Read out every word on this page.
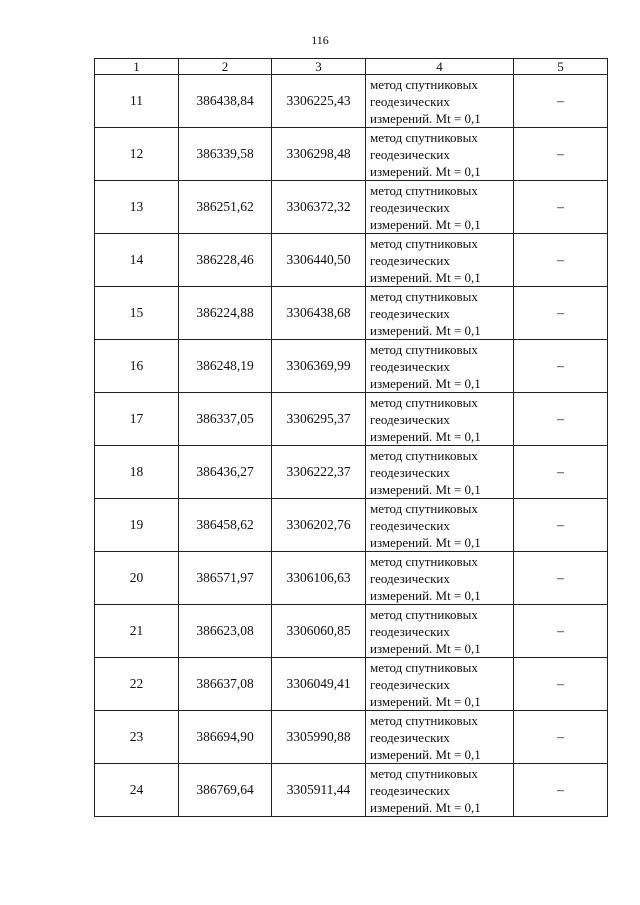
116
1	2	3	4	5
11	386438,84	3306225,43	метод спутниковых
геодезических
измерений. Mt = 0,1	–
12	386339,58	3306298,48	метод спутниковых
геодезических
измерений. Mt = 0,1	–
13	386251,62	3306372,32	метод спутниковых
геодезических
измерений. Mt = 0,1	–
14	386228,46	3306440,50	метод спутниковых
геодезических
измерений. Mt = 0,1	–
15	386224,88	3306438,68	метод спутниковых
геодезических
измерений. Mt = 0,1	–
16	386248,19	3306369,99	метод спутниковых
геодезических
измерений. Mt = 0,1	–
17	386337,05	3306295,37	метод спутниковых
геодезических
измерений. Mt = 0,1	–
18	386436,27	3306222,37	метод спутниковых
геодезических
измерений. Mt = 0,1	–
19	386458,62	3306202,76	метод спутниковых
геодезических
измерений. Mt = 0,1	–
20	386571,97	3306106,63	метод спутниковых
геодезических
измерений. Mt = 0,1	–
21	386623,08	3306060,85	метод спутниковых
геодезических
измерений. Mt = 0,1	–
22	386637,08	3306049,41	метод спутниковых
геодезических
измерений. Mt = 0,1	–
23	386694,90	3305990,88	метод спутниковых
геодезических
измерений. Mt = 0,1	–
24	386769,64	3305911,44	метод спутниковых
геодезических
измерений. Mt = 0,1	–
